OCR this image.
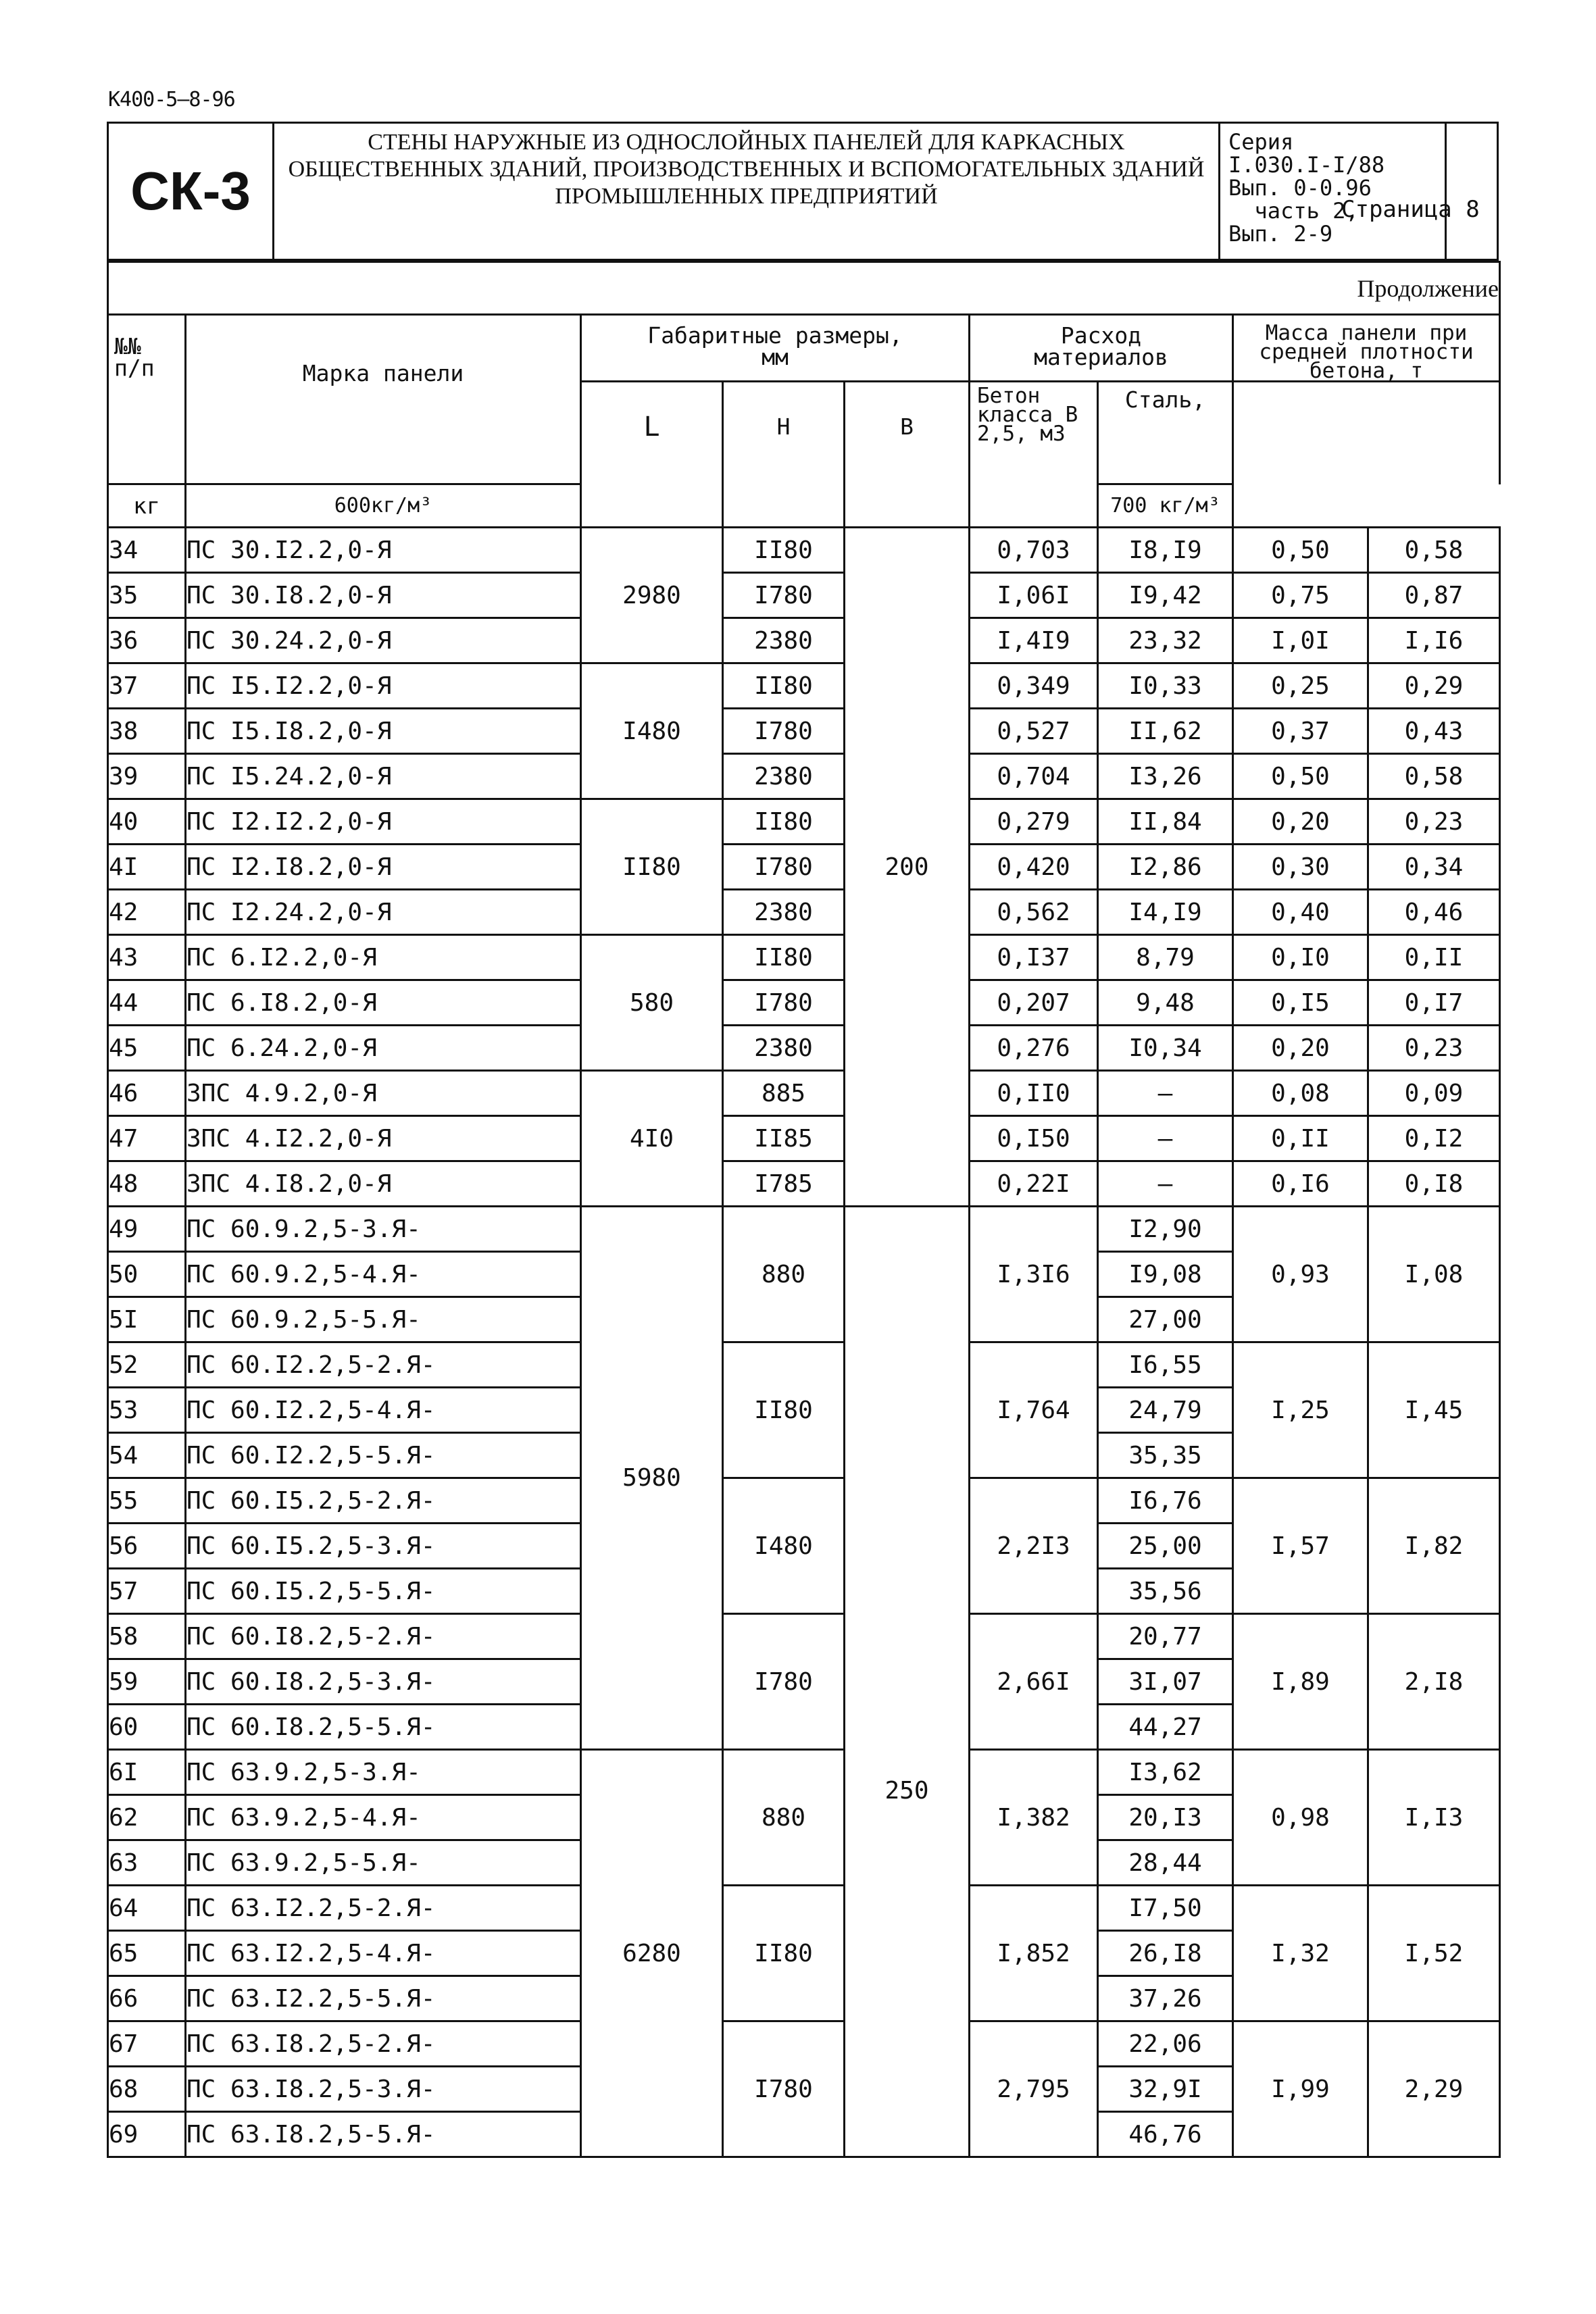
К400-5—8-96
СК-3
СТЕНЫ НАРУЖНЫЕ ИЗ ОДНОСЛОЙНЫХ ПАНЕЛЕЙ ДЛЯ КАРКАСНЫХ ОБЩЕСТВЕННЫХ ЗДАНИЙ, ПРОИЗВОДСТВЕННЫХ И ВСПОМОГАТЕЛЬНЫХ ЗДАНИЙ ПРОМЫШЛЕННЫХ ПРЕДПРИЯТИЙ
Серия
I.030.I-I/88
Вып. 0-0.96
часть 2,
Вып. 2-9
Страница 8
Продолжение								
№№ п/п	Марка панели	Габаритные размеры, мм			Расход материалов		Масса панели при средней плотности бетона, т	
		L	H	B	Бетон класса В 2,5, м3	Сталь,		
кг	600кг/м³					700 кг/м³		
34	ПС 30.I2.2,0-Я	2980	II80	200	0,703	I8,I9	0,50	0,58
35	ПС 30.I8.2,0-Я		I780		I,06I	I9,42	0,75	0,87
36	ПС 30.24.2,0-Я		2380		I,4I9	23,32	I,0I	I,I6
37	ПС I5.I2.2,0-Я	I480	II80		0,349	I0,33	0,25	0,29
38	ПС I5.I8.2,0-Я		I780		0,527	II,62	0,37	0,43
39	ПС I5.24.2,0-Я		2380		0,704	I3,26	0,50	0,58
40	ПС I2.I2.2,0-Я	II80	II80		0,279	II,84	0,20	0,23
4I	ПС I2.I8.2,0-Я		I780		0,420	I2,86	0,30	0,34
42	ПС I2.24.2,0-Я		2380		0,562	I4,I9	0,40	0,46
43	ПС 6.I2.2,0-Я	580	II80		0,I37	8,79	0,I0	0,II
44	ПС 6.I8.2,0-Я		I780		0,207	9,48	0,I5	0,I7
45	ПС 6.24.2,0-Я		2380		0,276	I0,34	0,20	0,23
46	ЗПС 4.9.2,0-Я	4I0	885		0,II0	–	0,08	0,09
47	ЗПС 4.I2.2,0-Я		II85		0,I50	–	0,II	0,I2
48	ЗПС 4.I8.2,0-Я		I785		0,22I	–	0,I6	0,I8
49	ПС 60.9.2,5-3.Я-	5980	880	250	I,3I6	I2,90	0,93	I,08
50	ПС 60.9.2,5-4.Я-					I9,08		
5I	ПС 60.9.2,5-5.Я-					27,00		
52	ПС 60.I2.2,5-2.Я-		II80		I,764	I6,55	I,25	I,45
53	ПС 60.I2.2,5-4.Я-					24,79		
54	ПС 60.I2.2,5-5.Я-					35,35		
55	ПС 60.I5.2,5-2.Я-		I480		2,2I3	I6,76	I,57	I,82
56	ПС 60.I5.2,5-3.Я-					25,00		
57	ПС 60.I5.2,5-5.Я-					35,56		
58	ПС 60.I8.2,5-2.Я-		I780		2,66I	20,77	I,89	2,I8
59	ПС 60.I8.2,5-3.Я-					3I,07		
60	ПС 60.I8.2,5-5.Я-					44,27		
6I	ПС 63.9.2,5-3.Я-	6280	880		I,382	I3,62	0,98	I,I3
62	ПС 63.9.2,5-4.Я-					20,I3		
63	ПС 63.9.2,5-5.Я-					28,44		
64	ПС 63.I2.2,5-2.Я-		II80		I,852	I7,50	I,32	I,52
65	ПС 63.I2.2,5-4.Я-					26,I8		
66	ПС 63.I2.2,5-5.Я-					37,26		
67	ПС 63.I8.2,5-2.Я-		I780		2,795	22,06	I,99	2,29
68	ПС 63.I8.2,5-3.Я-					32,9I		
69	ПС 63.I8.2,5-5.Я-					46,76		
